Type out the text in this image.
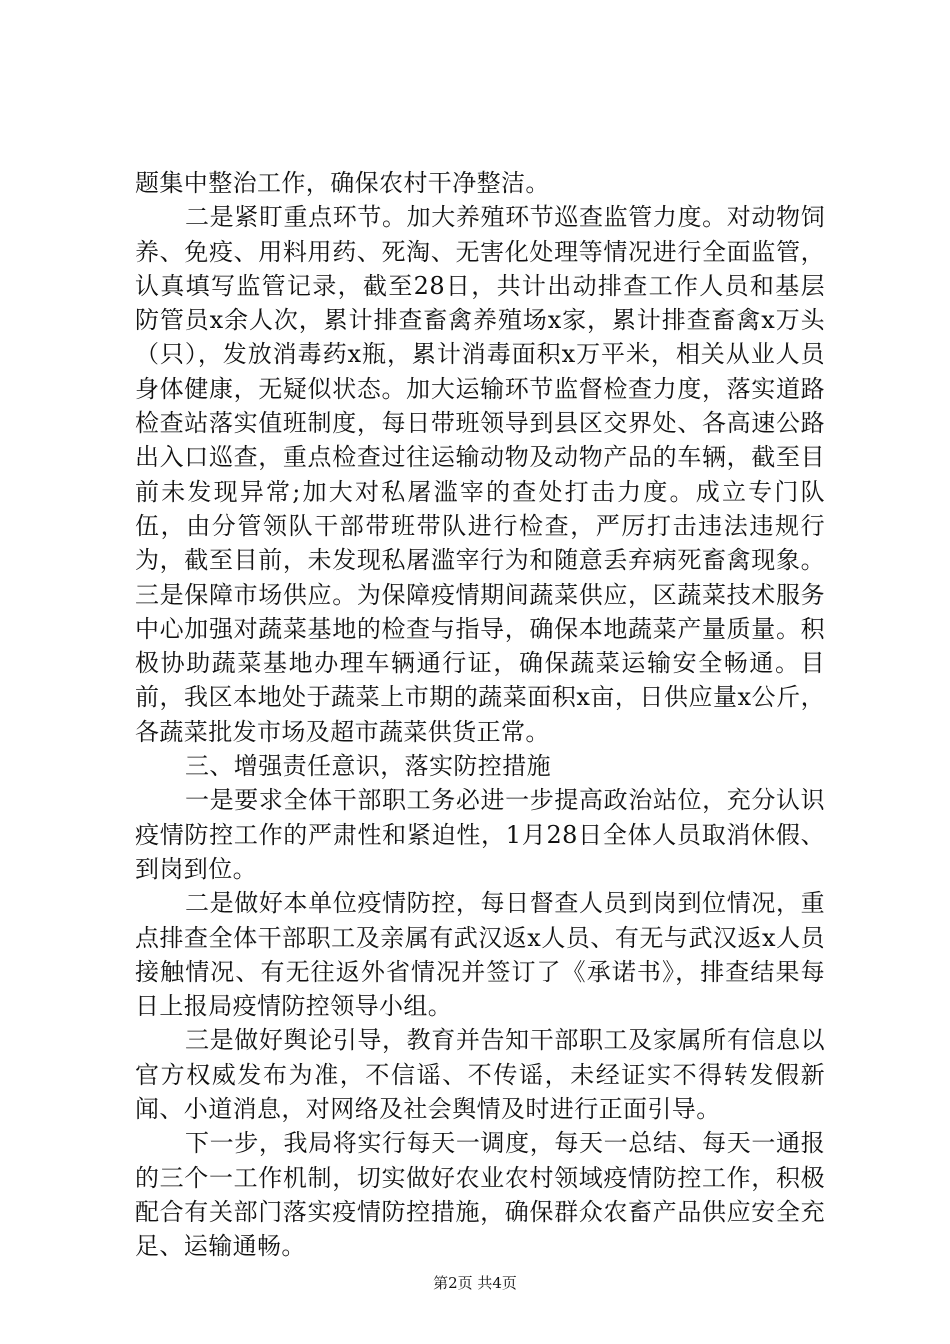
题集中整治工作，确保农村干净整洁。

二是紧盯重点环节。加大养殖环节巡查监管力度。对动物饲养、免疫、用料用药、死淘、无害化处理等情况进行全面监管，认真填写监管记录，截至28日，共计出动排查工作人员和基层防管员x余人次，累计排查畜禽养殖场x家，累计排查畜禽x万头（只），发放消毒药x瓶，累计消毒面积x万平米，相关从业人员身体健康，无疑似状态。加大运输环节监督检查力度，落实道路检查站落实值班制度，每日带班领导到县区交界处、各高速公路出入口巡查，重点检查过往运输动物及动物产品的车辆，截至目前未发现异常;加大对私屠滥宰的查处打击力度。成立专门队伍，由分管领队干部带班带队进行检查，严厉打击违法违规行为，截至目前，未发现私屠滥宰行为和随意丢弃病死畜禽现象。三是保障市场供应。为保障疫情期间蔬菜供应，区蔬菜技术服务中心加强对蔬菜基地的检查与指导，确保本地蔬菜产量质量。积极协助蔬菜基地办理车辆通行证，确保蔬菜运输安全畅通。目前，我区本地处于蔬菜上市期的蔬菜面积x亩，日供应量x公斤，各蔬菜批发市场及超市蔬菜供货正常。

三、增强责任意识，落实防控措施

一是要求全体干部职工务必进一步提高政治站位，充分认识疫情防控工作的严肃性和紧迫性，1月28日全体人员取消休假、到岗到位。

二是做好本单位疫情防控，每日督查人员到岗到位情况，重点排查全体干部职工及亲属有武汉返x人员、有无与武汉返x人员接触情况、有无往返外省情况并签订了《承诺书》，排查结果每日上报局疫情防控领导小组。

三是做好舆论引导，教育并告知干部职工及家属所有信息以官方权威发布为准，不信谣、不传谣，未经证实不得转发假新闻、小道消息，对网络及社会舆情及时进行正面引导。

下一步，我局将实行每天一调度，每天一总结、每天一通报的三个一工作机制，切实做好农业农村领域疫情防控工作，积极配合有关部门落实疫情防控措施，确保群众农畜产品供应安全充足、运输通畅。

第2页 共4页
